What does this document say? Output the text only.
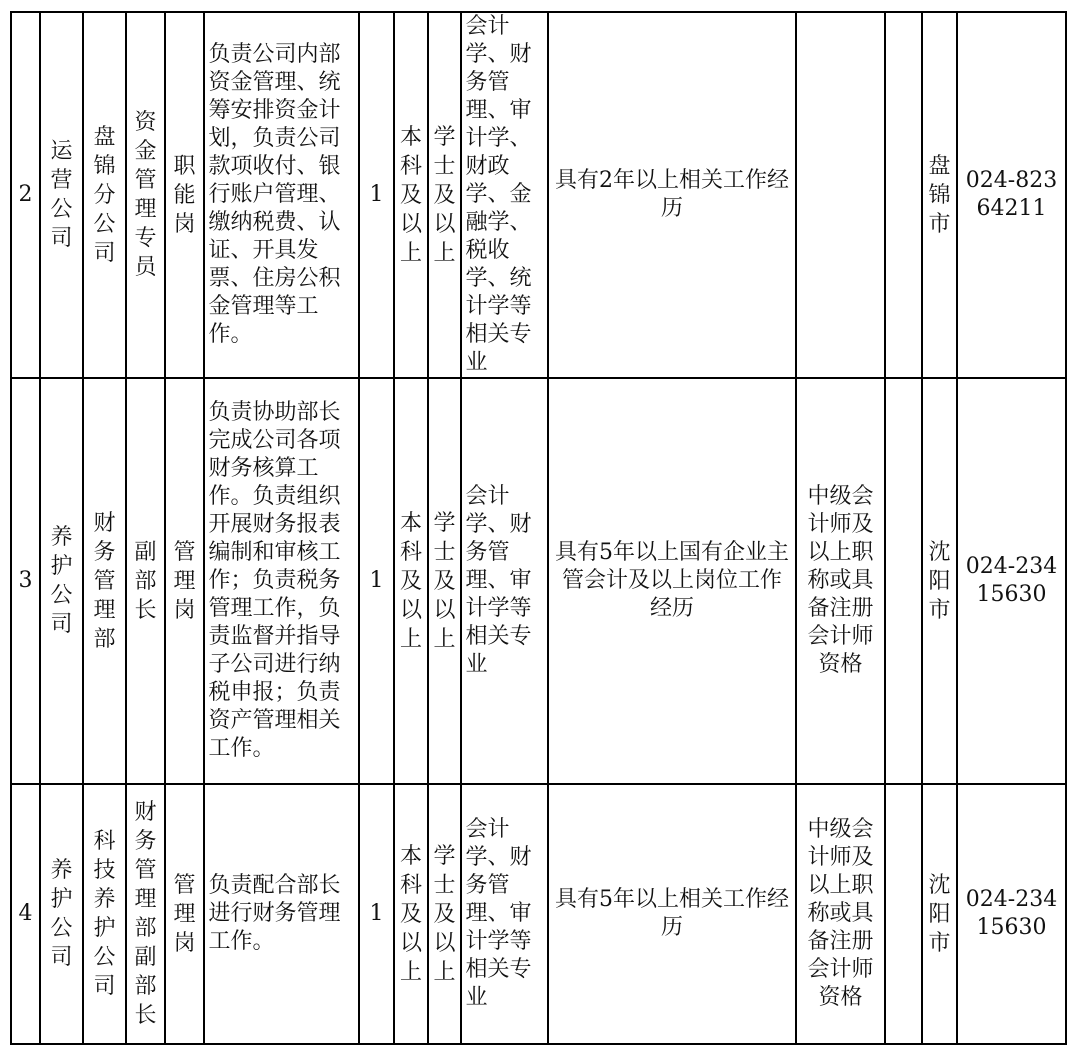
2	运营公司	盘锦分公司	资金管理专员	职能岗	负责公司内部资金管理、统筹安排资金计划，负责公司款项收付、银行账户管理、缴纳税费、认证、开具发票、住房公积金管理等工作。	1	本科及以上	学士及以上	会计学、财务管理、审计学、财政学、金融学、税收学、统计学等相关专业	具有2年以上相关工作经历			盘锦市	024-82364211

3	养护公司	财务管理部	副部长	管理岗	负责协助部长完成公司各项财务核算工作。负责组织开展财务报表编制和审核工作；负责税务管理工作，负责监督并指导子公司进行纳税申报；负责资产管理相关工作。	1	本科及以上	学士及以上	会计学、财务管理、审计学等相关专业	具有5年以上国有企业主管会计及以上岗位工作经历	中级会计师及以上职称或具备注册会计师资格		沈阳市	024-23415630

4	养护公司	科技养护公司	财务管理部副部长	管理岗	负责配合部长进行财务管理工作。	1	本科及以上	学士及以上	会计学、财务管理、审计学等相关专业	具有5年以上相关工作经历	中级会计师及以上职称或具备注册会计师资格		沈阳市	024-23415630
